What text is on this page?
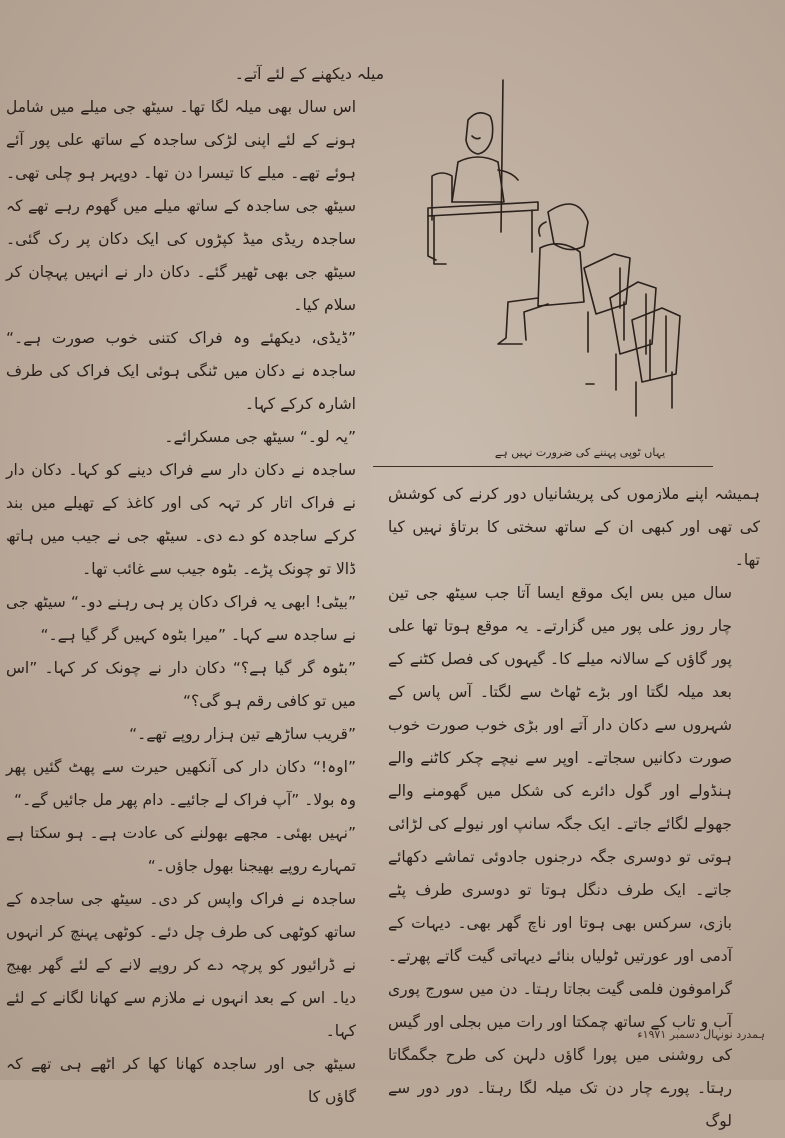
میلہ دیکھنے کے لئے آتے۔

اس سال بھی میلہ لگا تھا۔ سیٹھ جی میلے میں شامل ہونے کے لئے اپنی لڑکی ساجدہ کے ساتھ علی پور آئے ہوئے تھے۔ میلے کا تیسرا دن تھا۔ دوپہر ہو چلی تھی۔ سیٹھ جی ساجدہ کے ساتھ میلے میں گھوم رہے تھے کہ ساجدہ ریڈی میڈ کپڑوں کی ایک دکان پر رک گئی۔ سیٹھ جی بھی ٹھیر گئے۔ دکان دار نے انہیں پہچان کر سلام کیا۔

”ڈیڈی، دیکھئے وہ فراک کتنی خوب صورت ہے۔“ ساجدہ نے دکان میں ٹنگی ہوئی ایک فراک کی طرف اشارہ کرکے کہا۔

”یہ لو۔“ سیٹھ جی مسکرائے۔

ساجدہ نے دکان دار سے فراک دینے کو کہا۔ دکان دار نے فراک اتار کر تہہ کی اور کاغذ کے تھیلے میں بند کرکے ساجدہ کو دے دی۔ سیٹھ جی نے جیب میں ہاتھ ڈالا تو چونک پڑے۔ بٹوہ جیب سے غائب تھا۔

”بیٹی! ابھی یہ فراک دکان پر ہی رہنے دو۔“ سیٹھ جی نے ساجدہ سے کہا۔ ”میرا بٹوہ کہیں گر گیا ہے۔“

”بٹوہ گر گیا ہے؟“ دکان دار نے چونک کر کہا۔ ”اس میں تو کافی رقم ہو گی؟“

”قریب ساڑھے تین ہزار روپے تھے۔“

”اوہ!“ دکان دار کی آنکھیں حیرت سے پھٹ گئیں پھر وہ بولا۔ ”آپ فراک لے جائیے۔ دام پھر مل جائیں گے۔“

”نہیں بھئی۔ مجھے بھولنے کی عادت ہے۔ ہو سکتا ہے تمہارے روپے بھیجنا بھول جاؤں۔“

ساجدہ نے فراک واپس کر دی۔ سیٹھ جی ساجدہ کے ساتھ کوٹھی کی طرف چل دئے۔ کوٹھی پہنچ کر انہوں نے ڈرائیور کو پرچہ دے کر روپے لانے کے لئے گھر بھیج دیا۔ اس کے بعد انہوں نے ملازم سے کھانا لگانے کے لئے کہا۔

سیٹھ جی اور ساجدہ کھانا کھا کر اٹھے ہی تھے کہ گاؤں کا

یہاں ٹوپی پہننے کی ضرورت نہیں ہے

ہمیشہ اپنے ملازموں کی پریشانیاں دور کرنے کی کوشش کی تھی اور کبھی ان کے ساتھ سختی کا برتاؤ نہیں کیا تھا۔

سال میں بس ایک موقع ایسا آتا جب سیٹھ جی تین چار روز علی پور میں گزارتے۔ یہ موقع ہوتا تھا علی پور گاؤں کے سالانہ میلے کا۔ گیہوں کی فصل کٹنے کے بعد میلہ لگتا اور بڑے ٹھاٹ سے لگتا۔ آس پاس کے شہروں سے دکان دار آتے اور بڑی خوب صورت خوب صورت دکانیں سجاتے۔ اوپر سے نیچے چکر کاٹنے والے ہنڈولے اور گول دائرے کی شکل میں گھومنے والے جھولے لگائے جاتے۔ ایک جگہ سانپ اور نیولے کی لڑائی ہوتی تو دوسری جگہ درجنوں جادوئی تماشے دکھائے جاتے۔ ایک طرف دنگل ہوتا تو دوسری طرف پٹے بازی، سرکس بھی ہوتا اور ناچ گھر بھی۔ دیہات کے آدمی اور عورتیں ٹولیاں بنائے دیہاتی گیت گاتے پھرتے۔ گراموفون فلمی گیت بجاتا رہتا۔ دن میں سورج پوری آب و تاب کے ساتھ چمکتا اور رات میں بجلی اور گیس کی روشنی میں پورا گاؤں دلہن کی طرح جگمگاتا رہتا۔ پورے چار دن تک میلہ لگا رہتا۔ دور دور سے لوگ

ہمدرد نونہال دسمبر ۱۹۷۱ء
